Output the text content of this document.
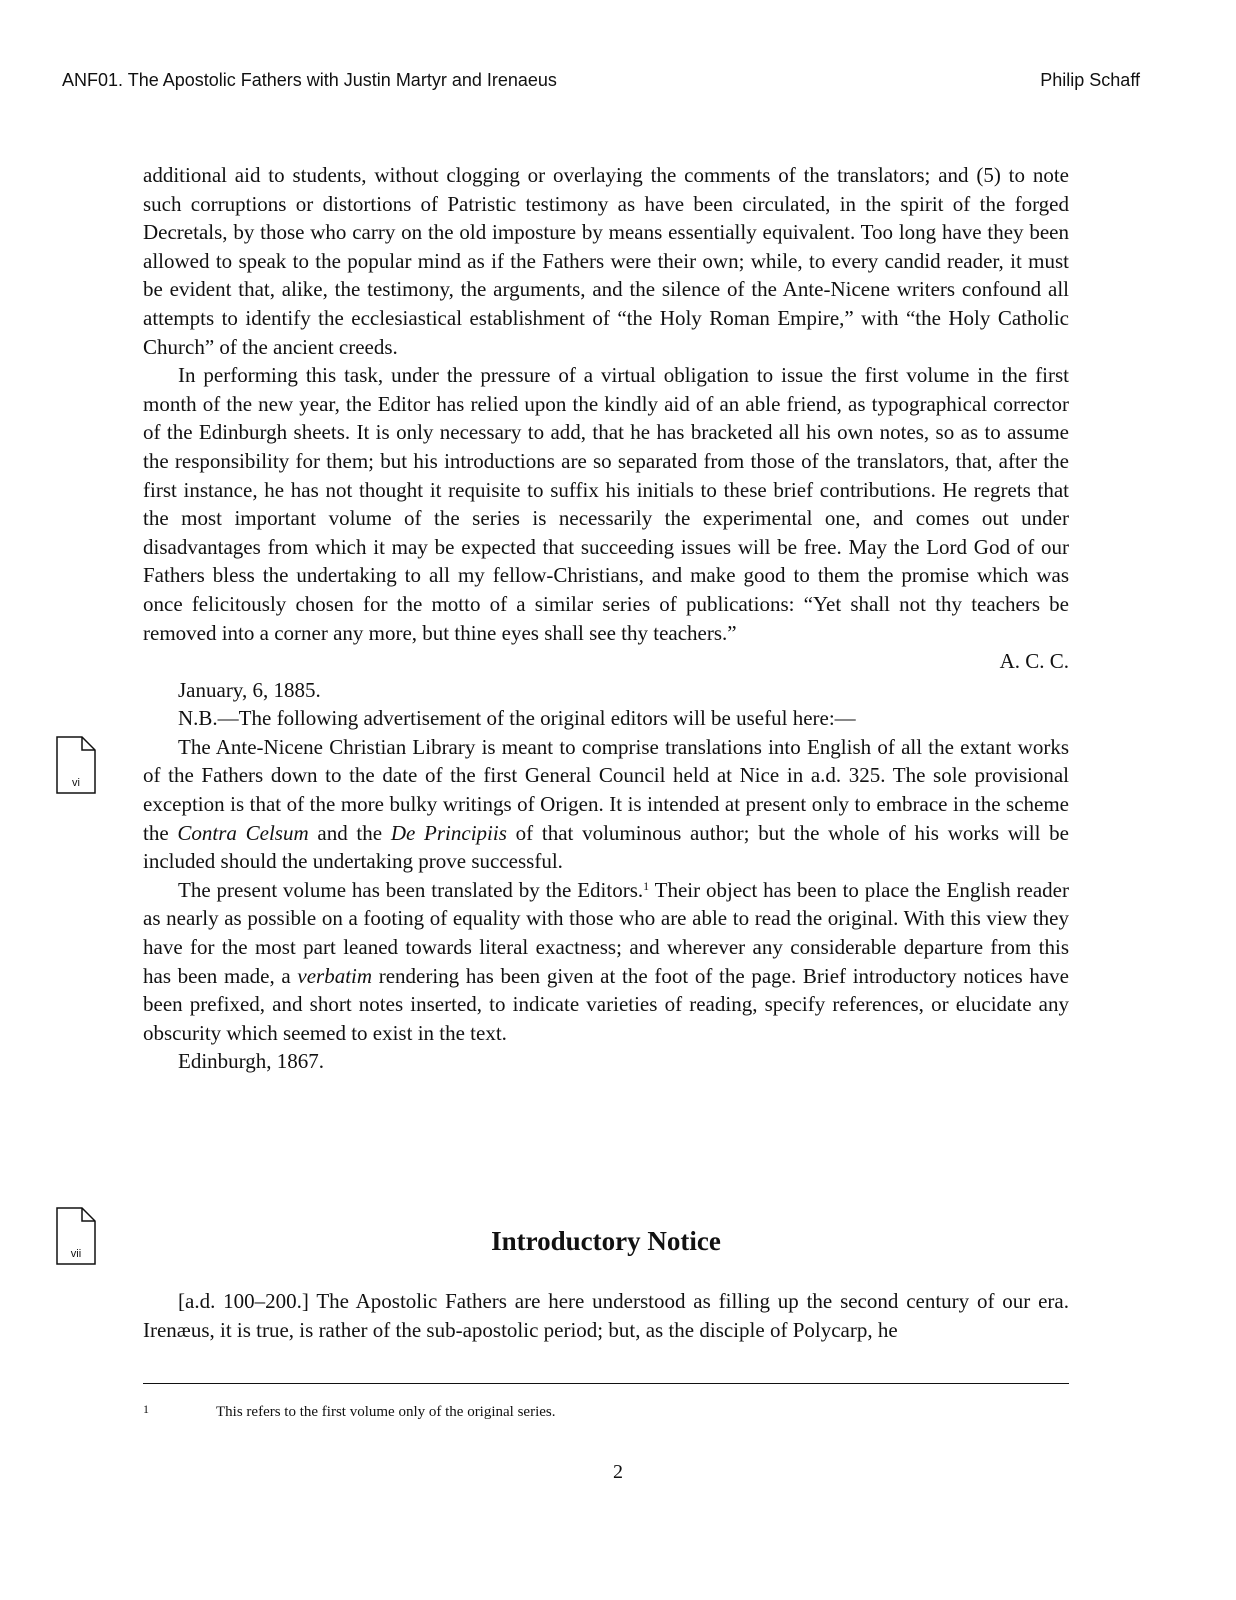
ANF01. The Apostolic Fathers with Justin Martyr and Irenaeus	Philip Schaff
vi
vii

additional aid to students, without clogging or overlaying the comments of the translators; and (5) to note such corruptions or distortions of Patristic testimony as have been circulated, in the spirit of the forged Decretals, by those who carry on the old imposture by means essentially equivalent. Too long have they been allowed to speak to the popular mind as if the Fathers were their own; while, to every candid reader, it must be evident that, alike, the testimony, the arguments, and the silence of the Ante-Nicene writers confound all attempts to identify the ecclesiastical establishment of “the Holy Roman Empire,” with “the Holy Catholic Church” of the ancient creeds.

In performing this task, under the pressure of a virtual obligation to issue the first volume in the first month of the new year, the Editor has relied upon the kindly aid of an able friend, as typographical corrector of the Edinburgh sheets. It is only necessary to add, that he has bracketed all his own notes, so as to assume the responsibility for them; but his introductions are so separated from those of the translators, that, after the first instance, he has not thought it requisite to suffix his initials to these brief contributions. He regrets that the most important volume of the series is necessarily the experimental one, and comes out under disadvantages from which it may be expected that succeeding issues will be free. May the Lord God of our Fathers bless the undertaking to all my fellow-Christians, and make good to them the promise which was once felicitously chosen for the motto of a similar series of publications: “Yet shall not thy teachers be removed into a corner any more, but thine eyes shall see thy teachers.”

A. C. C.

January, 6, 1885.

N.B.—The following advertisement of the original editors will be useful here:—

The Ante-Nicene Christian Library is meant to comprise translations into English of all the extant works of the Fathers down to the date of the first General Council held at Nice in a.d. 325. The sole provisional exception is that of the more bulky writings of Origen. It is intended at present only to embrace in the scheme the Contra Celsum and the De Principiis of that voluminous author; but the whole of his works will be included should the undertaking prove successful.

The present volume has been translated by the Editors.$^1$ Their object has been to place the English reader as nearly as possible on a footing of equality with those who are able to read the original. With this view they have for the most part leaned towards literal exactness; and wherever any considerable departure from this has been made, a verbatim rendering has been given at the foot of the page. Brief introductory notices have been prefixed, and short notes inserted, to indicate varieties of reading, specify references, or elucidate any obscurity which seemed to exist in the text.

Edinburgh, 1867.

Introductory Notice

[a.d. 100–200.] The Apostolic Fathers are here understood as filling up the second century of our era. Irenæus, it is true, is rather of the sub-apostolic period; but, as the disciple of Polycarp, he

1	This refers to the first volume only of the original series.
2
